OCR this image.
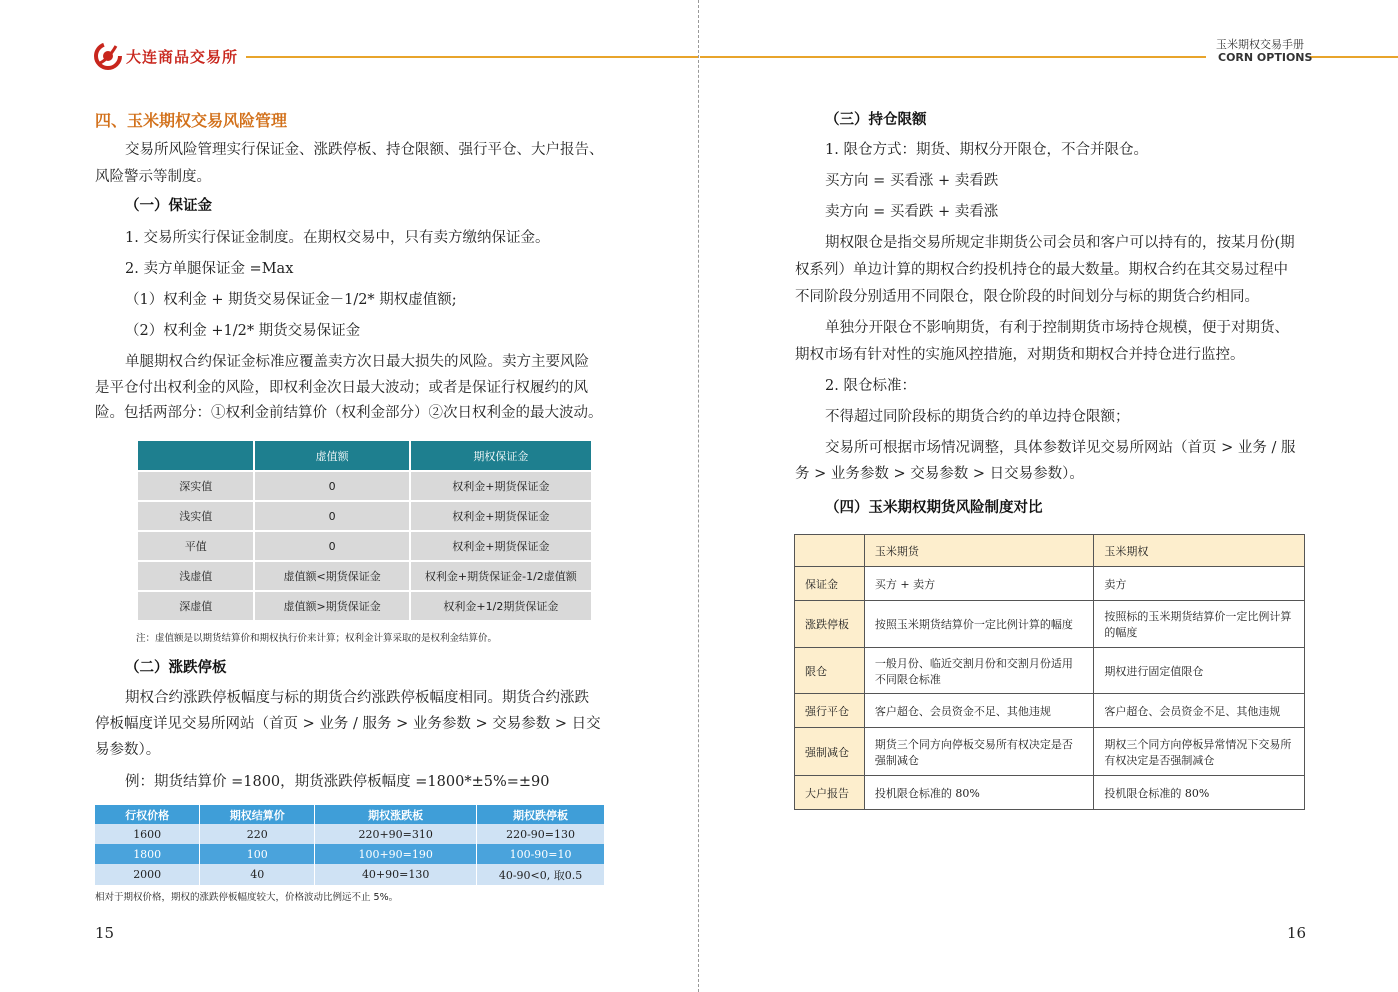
大连商品交易所
玉米期权交易手册
CORN OPTIONS
四、玉米期权交易风险管理
交易所风险管理实行保证金、涨跌停板、持仓限额、强行平仓、大户报告、
风险警示等制度。
（一）保证金
1. 交易所实行保证金制度。在期权交易中，只有卖方缴纳保证金。
2. 卖方单腿保证金 =Max
（1）权利金 + 期货交易保证金－1/2* 期权虚值额;
（2）权利金 +1/2* 期货交易保证金
单腿期权合约保证金标准应覆盖卖方次日最大损失的风险。卖方主要风险
是平仓付出权利金的风险，即权利金次日最大波动；或者是保证行权履约的风
险。包括两部分：①权利金前结算价（权利金部分）②次日权利金的最大波动。
	虚值额	期权保证金
深实值	0	权利金+期货保证金
浅实值	0	权利金+期货保证金
平值	0	权利金+期货保证金
浅虚值	虚值额<期货保证金	权利金+期货保证金-1/2虚值额
深虚值	虚值额>期货保证金	权利金+1/2期货保证金
注：虚值额是以期货结算价和期权执行价来计算；权利金计算采取的是权利金结算价。
（二）涨跌停板
期权合约涨跌停板幅度与标的期货合约涨跌停板幅度相同。期货合约涨跌
停板幅度详见交易所网站（首页 > 业务 / 服务 > 业务参数 > 交易参数 > 日交
易参数）。
例：期货结算价 =1800，期货涨跌停板幅度 =1800*±5%=±90
行权价格	期权结算价	期权涨跌板	期权跌停板
1600	220	220+90=310	220-90=130
1800	100	100+90=190	100-90=10
2000	40	40+90=130	40-90<0, 取0.5
相对于期权价格，期权的涨跌停板幅度较大，价格波动比例远不止 5%。
15
（三）持仓限额
1. 限仓方式：期货、期权分开限仓，不合并限仓。
买方向 = 买看涨 + 卖看跌
卖方向 = 买看跌 + 卖看涨
期权限仓是指交易所规定非期货公司会员和客户可以持有的，按某月份(期
权系列）单边计算的期权合约投机持仓的最大数量。期权合约在其交易过程中
不同阶段分别适用不同限仓，限仓阶段的时间划分与标的期货合约相同。
单独分开限仓不影响期货，有利于控制期货市场持仓规模，便于对期货、
期权市场有针对性的实施风控措施，对期货和期权合并持仓进行监控。
2. 限仓标准：
不得超过同阶段标的期货合约的单边持仓限额；
交易所可根据市场情况调整，具体参数详见交易所网站（首页 > 业务 / 服
务 > 业务参数 > 交易参数 > 日交易参数）。
（四）玉米期权期货风险制度对比
	玉米期货	玉米期权
保证金	买方 + 卖方	卖方
涨跌停板	按照玉米期货结算价一定比例计算的幅度	按照标的玉米期货结算价一定比例计算的幅度
限仓	一般月份、临近交割月份和交割月份适用不同限仓标准	期权进行固定值限仓
强行平仓	客户超仓、会员资金不足、其他违规	客户超仓、会员资金不足、其他违规
强制减仓	期货三个同方向停板交易所有权决定是否强制减仓	期权三个同方向停板异常情况下交易所有权决定是否强制减仓
大户报告	投机限仓标准的 80%	投机限仓标准的 80%
16
